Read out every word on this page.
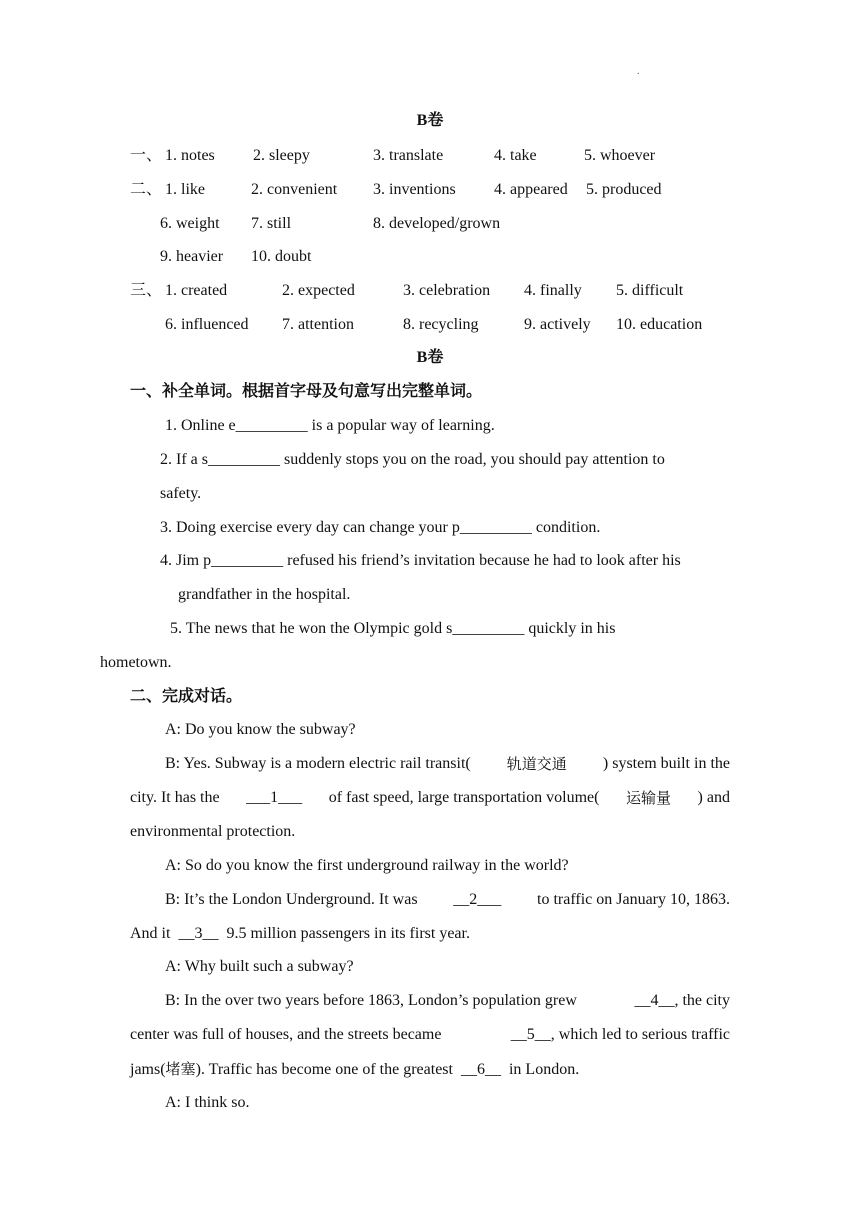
.
B卷
一、 1. notes 2. sleepy	3. translate	4. take	5. whoever
二、 1. like	2. convenient 3. inventions 4. appeared 5. produced
6. weight 7. still	8. developed/grown
9. heavier 10. doubt
三、 1. created	2. expected	3. celebration 4. finally 5. difficult
6. influenced 7. attention	8. recycling	9. actively 10. education
B卷
一、补全单词。根据首字母及句意写出完整单词。
1. Online e_________ is a popular way of learning.
2. If a s_________ suddenly stops you on the road, you should pay attention to
safety.
3. Doing exercise every day can change your p_________ condition.
4. Jim p_________ refused his friend’s invitation because he had to look after his
grandfather in the hospital.
5. The news that he won the Olympic gold s_________ quickly in his
hometown.
二、完成对话。
A: Do you know the subway?
B: Yes. Subway is a modern electric rail transit( 轨道交通 ) system built in the
city. It has the ___1___ of fast speed, large transportation volume( 运输量 ) and
environmental protection.
A: So do you know the first underground railway in the world?
B: It’s the London Underground. It was __2___ to traffic on January 10, 1863.
And it __3__ 9.5 million passengers in its first year.
A: Why built such a subway?
B: In the over two years before 1863, London’s population grew	__4__, the city
center was full of houses, and the streets became	__5__, which led to serious traffic
jams(堵塞). Traffic has become one of the greatest __6__ in London.
A: I think so.
